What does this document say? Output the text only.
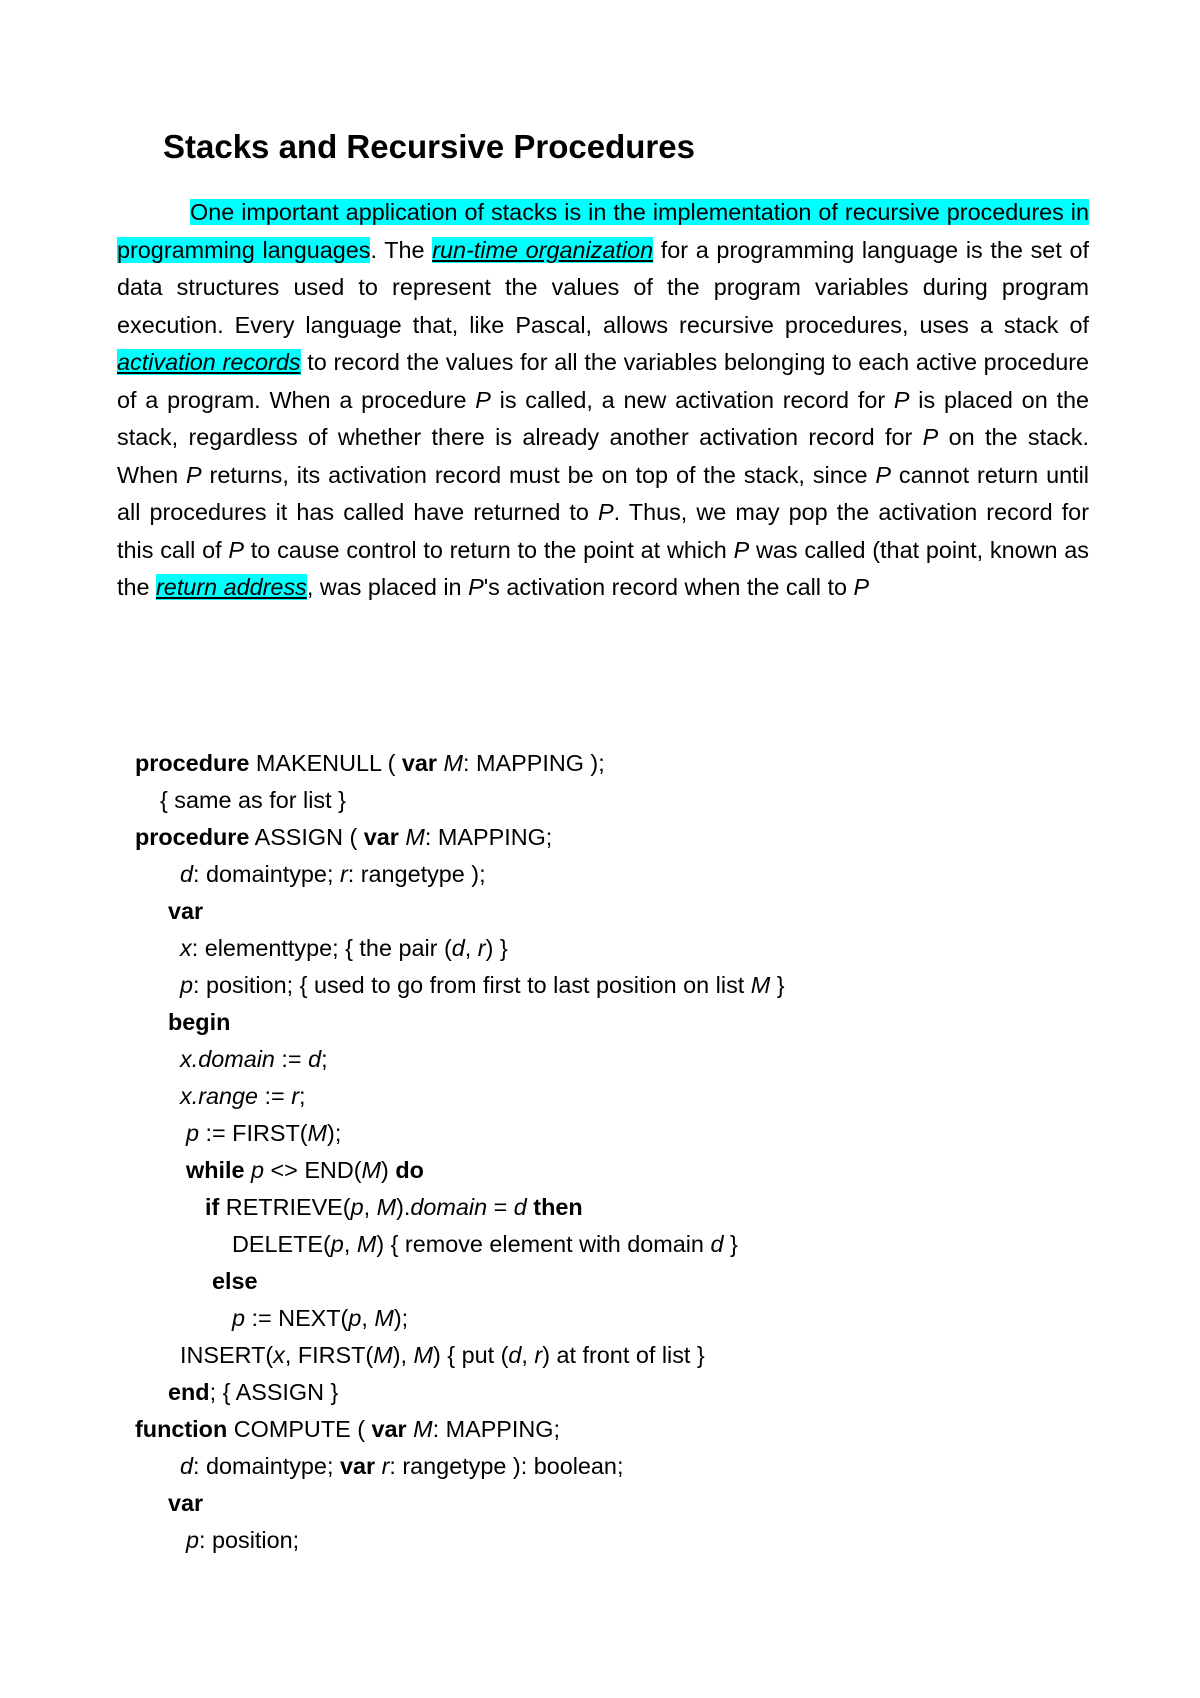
Stacks and Recursive Procedures

One important application of stacks is in the implementation of recursive procedures in programming languages. The run-time organization for a programming language is the set of data structures used to represent the values of the program variables during program execution. Every language that, like Pascal, allows recursive procedures, uses a stack of activation records to record the values for all the variables belonging to each active procedure of a program. When a procedure P is called, a new activation record for P is placed on the stack, regardless of whether there is already another activation record for P on the stack. When P returns, its activation record must be on top of the stack, since P cannot return until all procedures it has called have returned to P. Thus, we may pop the activation record for this call of P to cause control to return to the point at which P was called (that point, known as the return address, was placed in P's activation record when the call to P

procedure MAKENULL ( var M: MAPPING );
{ same as for list }
procedure ASSIGN ( var M: MAPPING;
d: domaintype; r: rangetype );
var
x: elementtype; { the pair (d, r) }
p: position; { used to go from first to last position on list M }
begin
x.domain := d;
x.range := r;
p := FIRST(M);
while p <> END(M) do
if RETRIEVE(p, M).domain = d then
DELETE(p, M) { remove element with domain d }
else
p := NEXT(p, M);
INSERT(x, FIRST(M), M) { put (d, r) at front of list }
end; { ASSIGN }
function COMPUTE ( var M: MAPPING;
d: domaintype; var r: rangetype ): boolean;
var
p: position;
